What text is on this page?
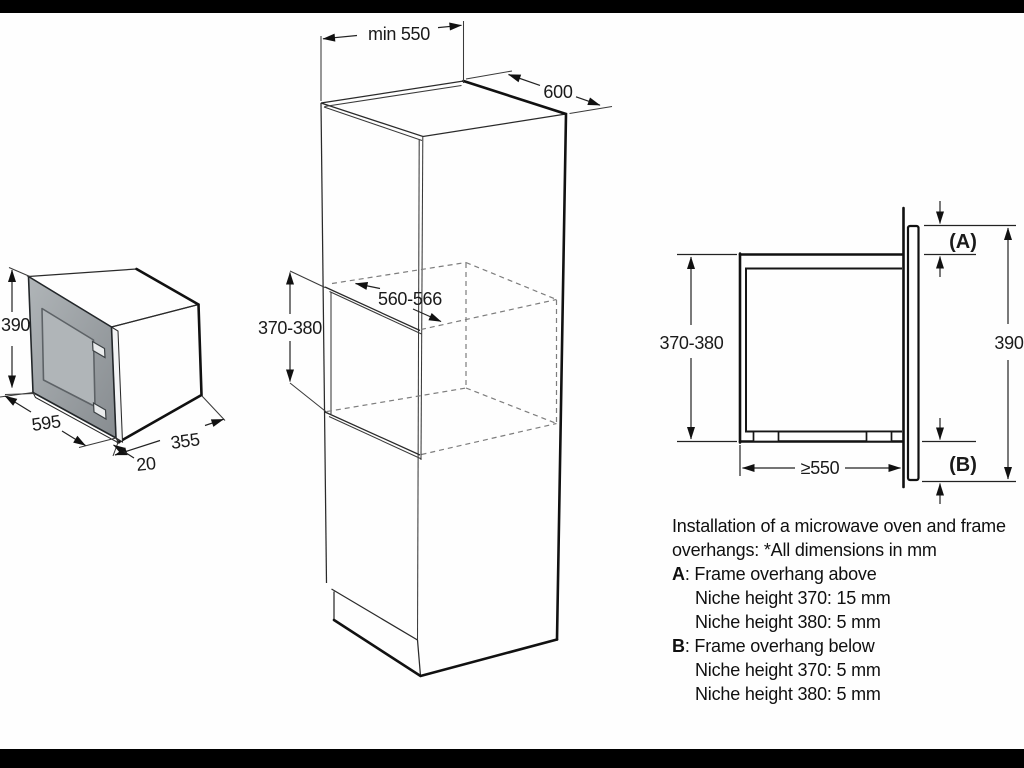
390
595
355
20
min 550
600
370-380
560-566
(A)
(B)
390
370-380
≥550
Installation of a microwave oven and frame
overhangs: *All dimensions in mm
A: Frame overhang above
Niche height 370: 15 mm
Niche height 380: 5 mm
B: Frame overhang below
Niche height 370: 5 mm
Niche height 380: 5 mm
